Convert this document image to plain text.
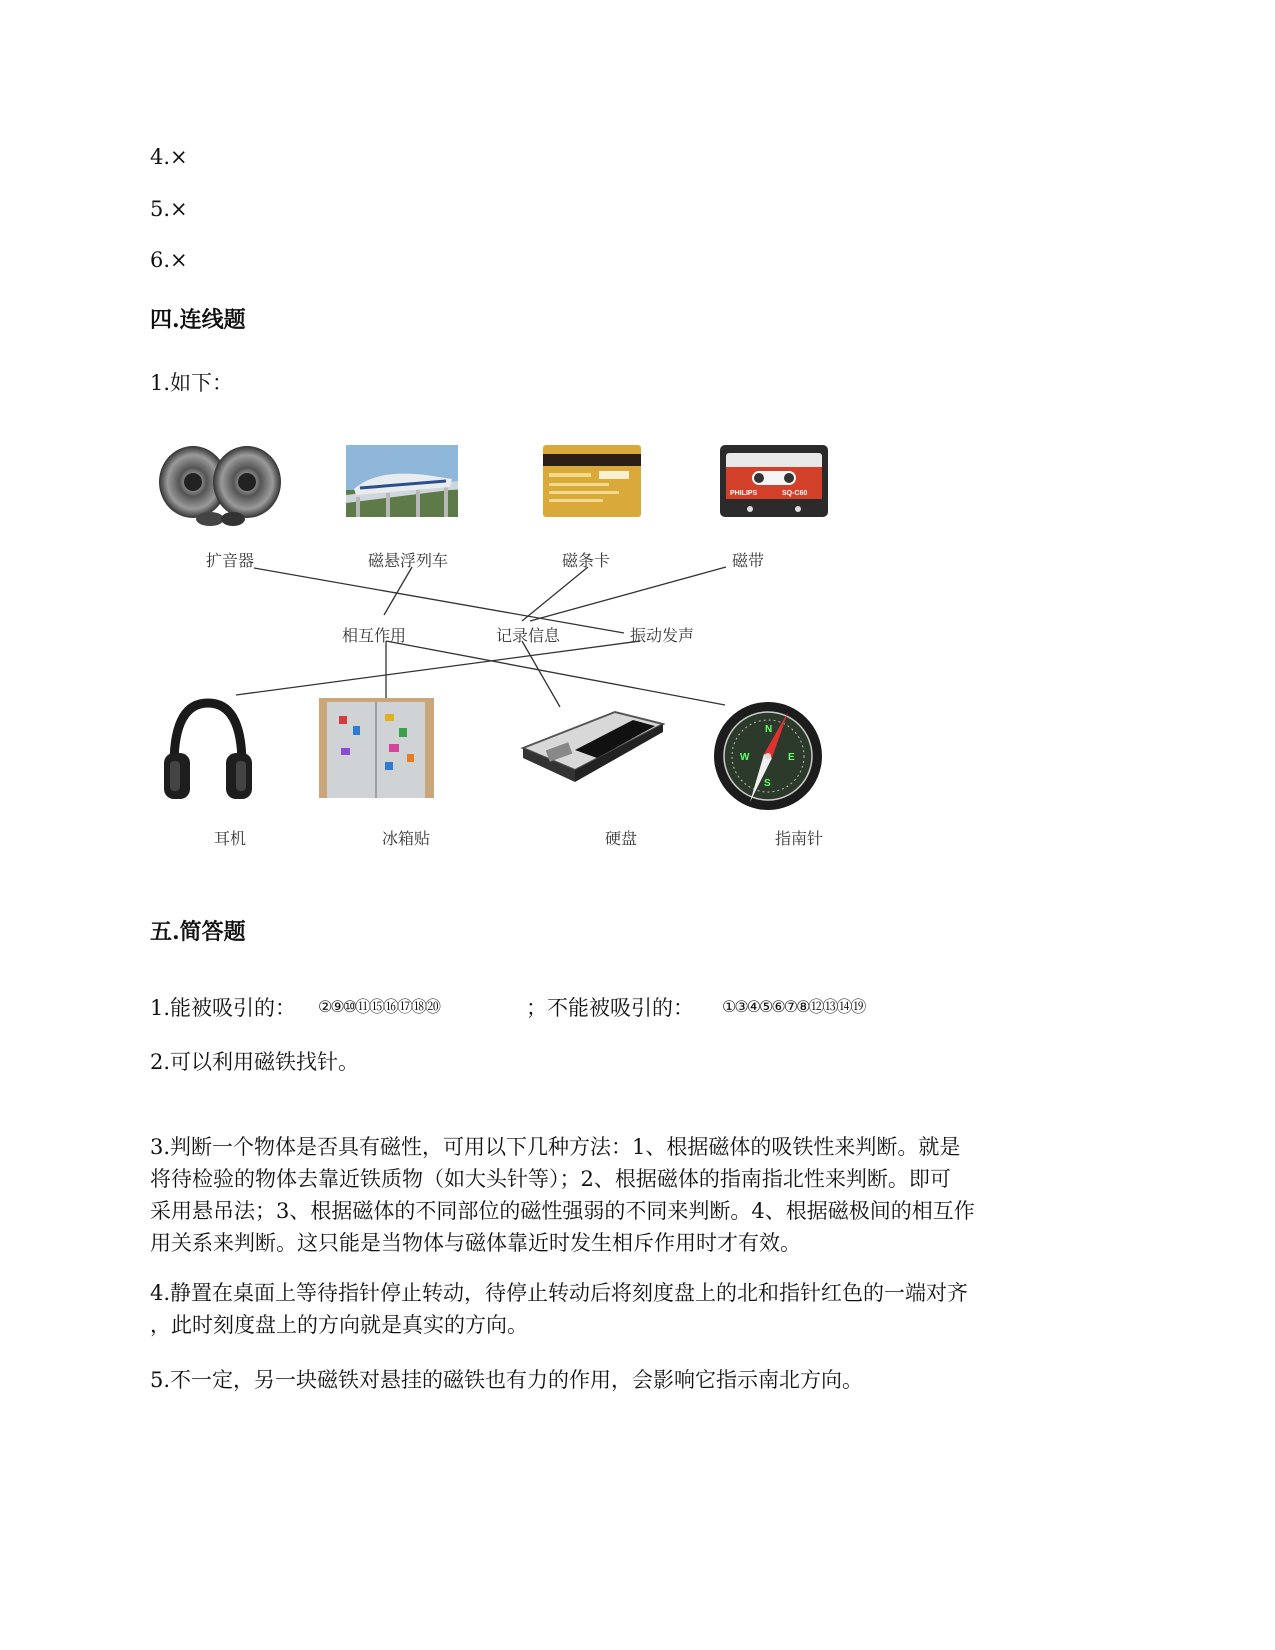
4.×
5.×
6.×
四.连线题
1.如下：
PHILIPS	SQ-C60
扩音器	磁悬浮列车	磁条卡	磁带
相互作用	记录信息	振动发声
N
E
S
W
耳机	冰箱贴	硬盘	指南针
五.简答题
1.能被吸引的： ②⑨⑩⑪⑮⑯⑰⑱⑳	；不能被吸引的： ①③④⑤⑥⑦⑧⑫⑬⑭⑲
2.可以利用磁铁找针。
3.判断一个物体是否具有磁性，可用以下几种方法：1、根据磁体的吸铁性来判断。就是
将待检验的物体去靠近铁质物（如大头针等）；2、根据磁体的指南指北性来判断。即可
采用悬吊法；3、根据磁体的不同部位的磁性强弱的不同来判断。4、根据磁极间的相互作
用关系来判断。这只能是当物体与磁体靠近时发生相斥作用时才有效。
4.静置在桌面上等待指针停止转动，待停止转动后将刻度盘上的北和指针红色的一端对齐
，此时刻度盘上的方向就是真实的方向。
5.不一定，另一块磁铁对悬挂的磁铁也有力的作用，会影响它指示南北方向。
